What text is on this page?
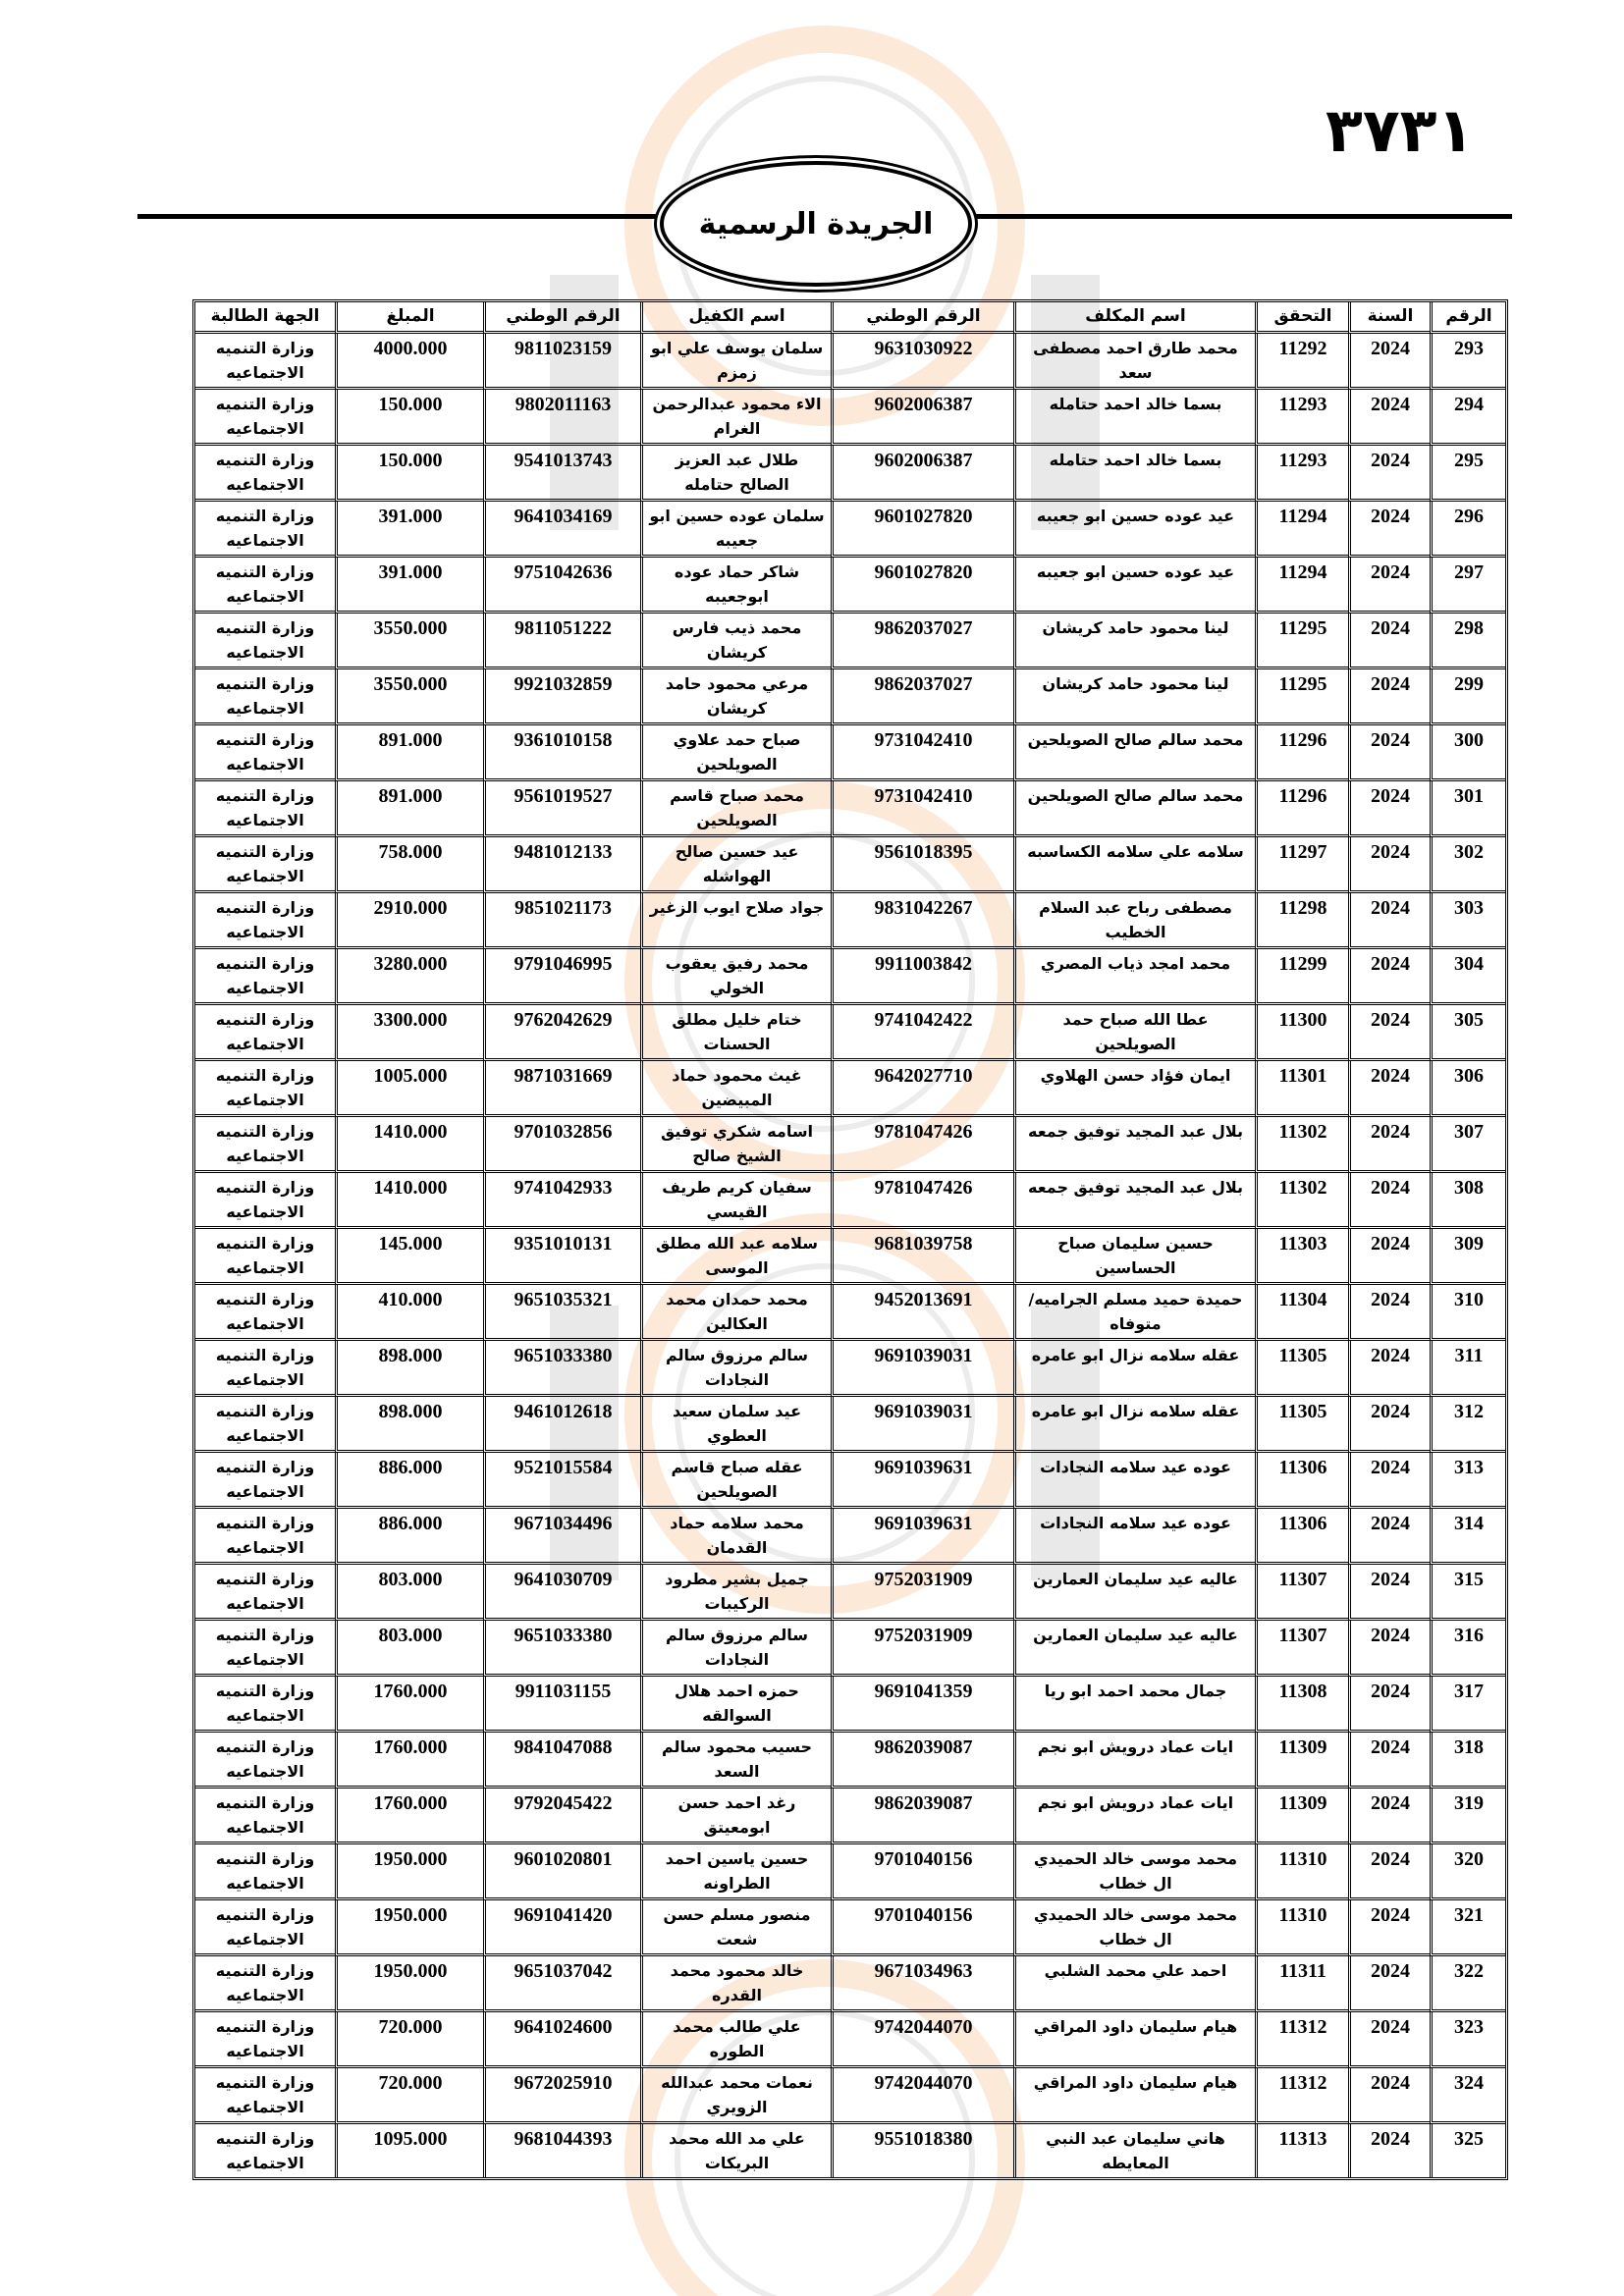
٣٧٣١
الجريدة الرسمية
الرقم	السنة	التحقق	اسم المكلف	الرقم الوطني	اسم الكفيل	الرقم الوطني	المبلغ	الجهة الطالبة
293	2024	11292	محمد طارق احمد مصطفى سعد	9631030922	سلمان يوسف علي ابو زمزم	9811023159	4000.000	وزارة التنميه الاجتماعيه
294	2024	11293	بسما خالد احمد حتامله	9602006387	الاء محمود عبدالرحمن الغرام	9802011163	150.000	وزارة التنميه الاجتماعيه
295	2024	11293	بسما خالد احمد حتامله	9602006387	طلال عبد العزيز الصالح حتامله	9541013743	150.000	وزارة التنميه الاجتماعيه
296	2024	11294	عيد عوده حسين ابو جعيبه	9601027820	سلمان عوده حسين ابو جعيبه	9641034169	391.000	وزارة التنميه الاجتماعيه
297	2024	11294	عيد عوده حسين ابو جعيبه	9601027820	شاكر حماد عوده ابوجعيبه	9751042636	391.000	وزارة التنميه الاجتماعيه
298	2024	11295	لينا محمود حامد كريشان	9862037027	محمد ذيب فارس كريشان	9811051222	3550.000	وزارة التنميه الاجتماعيه
299	2024	11295	لينا محمود حامد كريشان	9862037027	مرعي محمود حامد كريشان	9921032859	3550.000	وزارة التنميه الاجتماعيه
300	2024	11296	محمد سالم صالح الصويلحين	9731042410	صباح حمد علاوي الصويلحين	9361010158	891.000	وزارة التنميه الاجتماعيه
301	2024	11296	محمد سالم صالح الصويلحين	9731042410	محمد صباح قاسم الصويلحين	9561019527	891.000	وزارة التنميه الاجتماعيه
302	2024	11297	سلامه علي سلامه الكساسبه	9561018395	عيد حسين صالح الهواشله	9481012133	758.000	وزارة التنميه الاجتماعيه
303	2024	11298	مصطفى رباح عبد السلام الخطيب	9831042267	جواد صلاح ايوب الزغير	9851021173	2910.000	وزارة التنميه الاجتماعيه
304	2024	11299	محمد امجد ذياب المصري	9911003842	محمد رفيق يعقوب الخولي	9791046995	3280.000	وزارة التنميه الاجتماعيه
305	2024	11300	عطا الله صباح حمد الصويلحين	9741042422	ختام خليل مطلق الحسنات	9762042629	3300.000	وزارة التنميه الاجتماعيه
306	2024	11301	ايمان فؤاد حسن الهلاوي	9642027710	غيث محمود حماد المبيضين	9871031669	1005.000	وزارة التنميه الاجتماعيه
307	2024	11302	بلال عبد المجيد توفيق جمعه	9781047426	اسامه شكري توفيق الشيخ صالح	9701032856	1410.000	وزارة التنميه الاجتماعيه
308	2024	11302	بلال عبد المجيد توفيق جمعه	9781047426	سفيان كريم طريف القيسي	9741042933	1410.000	وزارة التنميه الاجتماعيه
309	2024	11303	حسين سليمان صباح الحساسين	9681039758	سلامه عبد الله مطلق الموسى	9351010131	145.000	وزارة التنميه الاجتماعيه
310	2024	11304	حميدة حميد مسلم الجراميه/متوفاه	9452013691	محمد حمدان محمد العكالين	9651035321	410.000	وزارة التنميه الاجتماعيه
311	2024	11305	عقله سلامه نزال ابو عامره	9691039031	سالم مرزوق سالم النجادات	9651033380	898.000	وزارة التنميه الاجتماعيه
312	2024	11305	عقله سلامه نزال ابو عامره	9691039031	عيد سلمان سعيد العطوي	9461012618	898.000	وزارة التنميه الاجتماعيه
313	2024	11306	عوده عيد سلامه النجادات	9691039631	عقله صباح قاسم الصويلحين	9521015584	886.000	وزارة التنميه الاجتماعيه
314	2024	11306	عوده عيد سلامه النجادات	9691039631	محمد سلامه حماد القدمان	9671034496	886.000	وزارة التنميه الاجتماعيه
315	2024	11307	عاليه عيد سليمان العمارين	9752031909	جميل بشير مطرود الركيبات	9641030709	803.000	وزارة التنميه الاجتماعيه
316	2024	11307	عاليه عيد سليمان العمارين	9752031909	سالم مرزوق سالم النجادات	9651033380	803.000	وزارة التنميه الاجتماعيه
317	2024	11308	جمال محمد احمد ابو ريا	9691041359	حمزه احمد هلال السوالقه	9911031155	1760.000	وزارة التنميه الاجتماعيه
318	2024	11309	ايات عماد درويش ابو نجم	9862039087	حسيب محمود سالم السعد	9841047088	1760.000	وزارة التنميه الاجتماعيه
319	2024	11309	ايات عماد درويش ابو نجم	9862039087	رغد احمد حسن ابومعيتق	9792045422	1760.000	وزارة التنميه الاجتماعيه
320	2024	11310	محمد موسى خالد الحميدي ال خطاب	9701040156	حسين ياسين احمد الطراونه	9601020801	1950.000	وزارة التنميه الاجتماعيه
321	2024	11310	محمد موسى خالد الحميدي ال خطاب	9701040156	منصور مسلم حسن شعت	9691041420	1950.000	وزارة التنميه الاجتماعيه
322	2024	11311	احمد علي محمد الشلبي	9671034963	خالد محمود محمد القدره	9651037042	1950.000	وزارة التنميه الاجتماعيه
323	2024	11312	هيام سليمان داود المراقي	9742044070	علي طالب محمد الطوره	9641024600	720.000	وزارة التنميه الاجتماعيه
324	2024	11312	هيام سليمان داود المراقي	9742044070	نعمات محمد عبدالله الزويري	9672025910	720.000	وزارة التنميه الاجتماعيه
325	2024	11313	هاني سليمان عبد النبي المعايطه	9551018380	علي مد الله محمد البريكات	9681044393	1095.000	وزارة التنميه الاجتماعيه
